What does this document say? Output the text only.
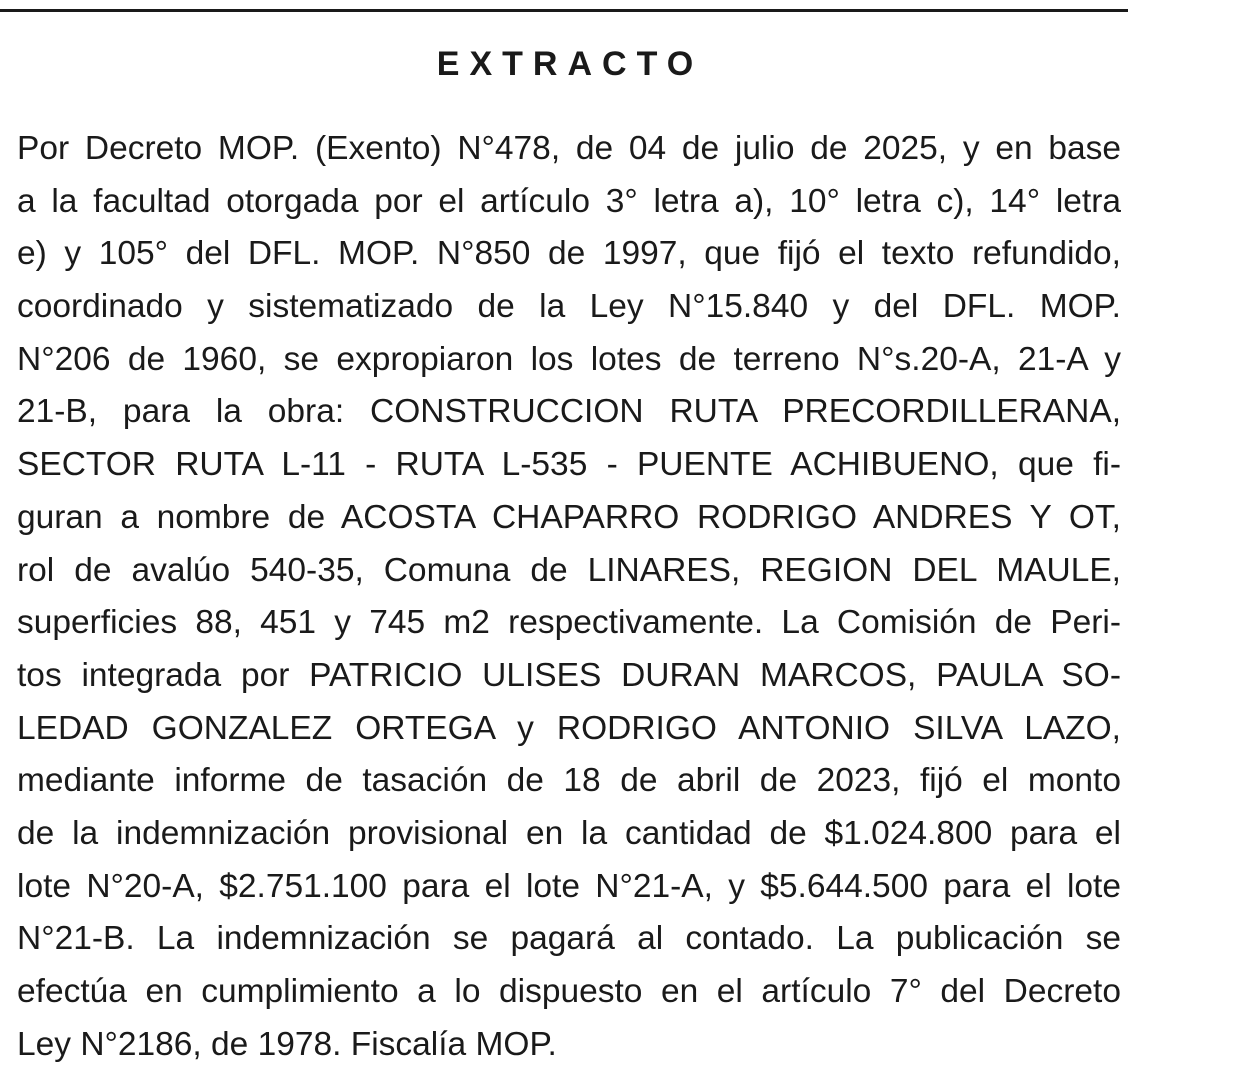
EXTRACTO
Por Decreto MOP. (Exento) N°478, de 04 de julio de 2025, y en base
a la facultad otorgada por el artículo 3° letra a), 10° letra c), 14° letra
e) y 105° del DFL. MOP. N°850 de 1997, que fijó el texto refundido,
coordinado y sistematizado de la Ley N°15.840 y del DFL. MOP.
N°206 de 1960, se expropiaron los lotes de terreno N°s.20-A, 21-A y
21-B, para la obra: CONSTRUCCION RUTA PRECORDILLERANA,
SECTOR RUTA L-11 - RUTA L-535 - PUENTE ACHIBUENO, que fi-
guran a nombre de ACOSTA CHAPARRO RODRIGO ANDRES Y OT,
rol de avalúo 540-35, Comuna de LINARES, REGION DEL MAULE,
superficies 88, 451 y 745 m2 respectivamente. La Comisión de Peri-
tos integrada por PATRICIO ULISES DURAN MARCOS, PAULA SO-
LEDAD GONZALEZ ORTEGA y RODRIGO ANTONIO SILVA LAZO,
mediante informe de tasación de 18 de abril de 2023, fijó el monto
de la indemnización provisional en la cantidad de $1.024.800 para el
lote N°20-A, $2.751.100 para el lote N°21-A, y $5.644.500 para el lote
N°21-B. La indemnización se pagará al contado. La publicación se
efectúa en cumplimiento a lo dispuesto en el artículo 7° del Decreto
Ley N°2186, de 1978. Fiscalía MOP.
